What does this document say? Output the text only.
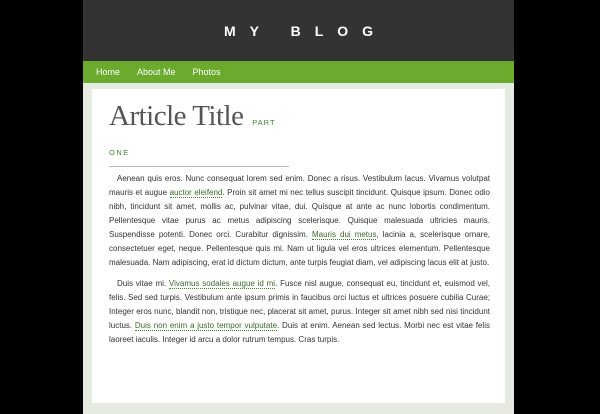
MY BLOG
Home About Me Photos
Article Title PART
ONE

Aenean quis eros. Nunc consequat lorem sed enim. Donec a risus. Vestibulum lacus. Vivamus volutpat mauris et augue auctor eleifend. Proin sit amet mi nec tellus suscipit tincidunt. Quisque ipsum. Donec odio nibh, tincidunt sit amet, mollis ac, pulvinar vitae, dui. Quisque at ante ac nunc lobortis condimentum. Pellentesque vitae purus ac metus adipiscing scelerisque. Quisque malesuada ultricies mauris. Suspendisse potenti. Donec orci. Curabitur dignissim. Mauris dui metus, lacinia a, scelerisque ornare, consectetuer eget, neque. Pellentesque quis mi. Nam ut ligula vel eros ultrices elementum. Pellentesque malesuada. Nam adipiscing, erat id dictum dictum, ante turpis feugiat diam, vel adipiscing lacus elit at justo.

Duis vitae mi. Vivamus sodales augue id mi. Fusce nisl augue, consequat eu, tincidunt et, euismod vel, felis. Sed sed turpis. Vestibulum ante ipsum primis in faucibus orci luctus et ultrices posuere cubilia Curae; Integer eros nunc, blandit non, tristique nec, placerat sit amet, purus. Integer sit amet nibh sed nisi tincidunt luctus. Duis non enim a justo tempor vulputate. Duis at enim. Aenean sed lectus. Morbi nec est vitae felis laoreet iaculis. Integer id arcu a dolor rutrum tempus. Cras turpis.
